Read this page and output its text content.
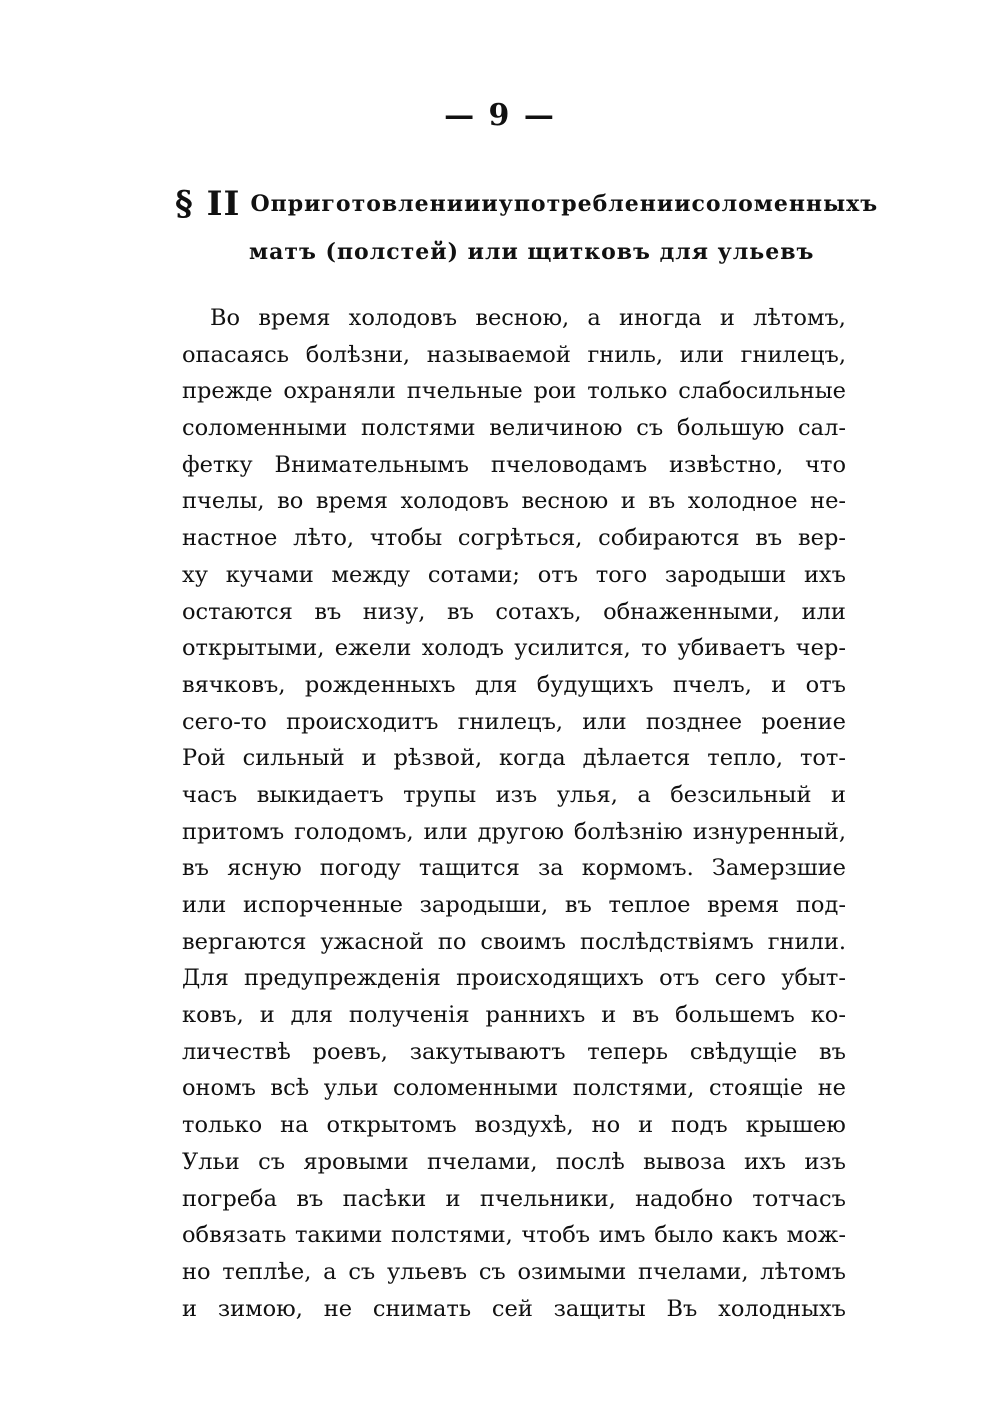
— 9 —
§ II О приготовлении и употреблении соломенныхъ
матъ (полстей) или щитковъ для ульевъ
Во время холодовъ весною, а иногда и лѣтомъ,
опасаясь болѣзни, называемой гниль, или гнилецъ,
прежде охраняли пчельные рои только слабосильные
соломенными полстями величиною съ большую сал-
фетку Внимательнымъ пчеловодамъ извѣстно, что
пчелы, во время холодовъ весною и въ холодное не-
настное лѣто, чтобы согрѣться, собираются въ вер-
ху кучами между сотами; отъ того зародыши ихъ
остаются въ низу, въ сотахъ, обнаженными, или
открытыми, ежели холодъ усилится, то убиваетъ чер-
вячковъ, рожденныхъ для будущихъ пчелъ, и отъ
сего-то происходитъ гнилецъ, или позднее роение
Рой сильный и рѣзвой, когда дѣлается тепло, тот-
часъ выкидаетъ трупы изъ улья, а безсильный и
притомъ голодомъ, или другою болѣзнію изнуренный,
въ ясную погоду тащится за кормомъ. Замерзшие
или испорченные зародыши, въ теплое время под-
вергаются ужасной по своимъ послѣдствіямъ гнили.
Для предупрежденія происходящихъ отъ сего убыт-
ковъ, и для полученія раннихъ и въ большемъ ко-
личествѣ роевъ, закутываютъ теперь свѣдущіе въ
ономъ всѣ ульи соломенными полстями, стоящіе не
только на открытомъ воздухѣ, но и подъ крышею
Ульи съ яровыми пчелами, послѣ вывоза ихъ изъ
погреба въ пасѣки и пчельники, надобно тотчасъ
обвязать такими полстями, чтобъ имъ было какъ мож-
но теплѣе, а съ ульевъ съ озимыми пчелами, лѣтомъ
и зимою, не снимать сей защиты Въ холодныхъ
